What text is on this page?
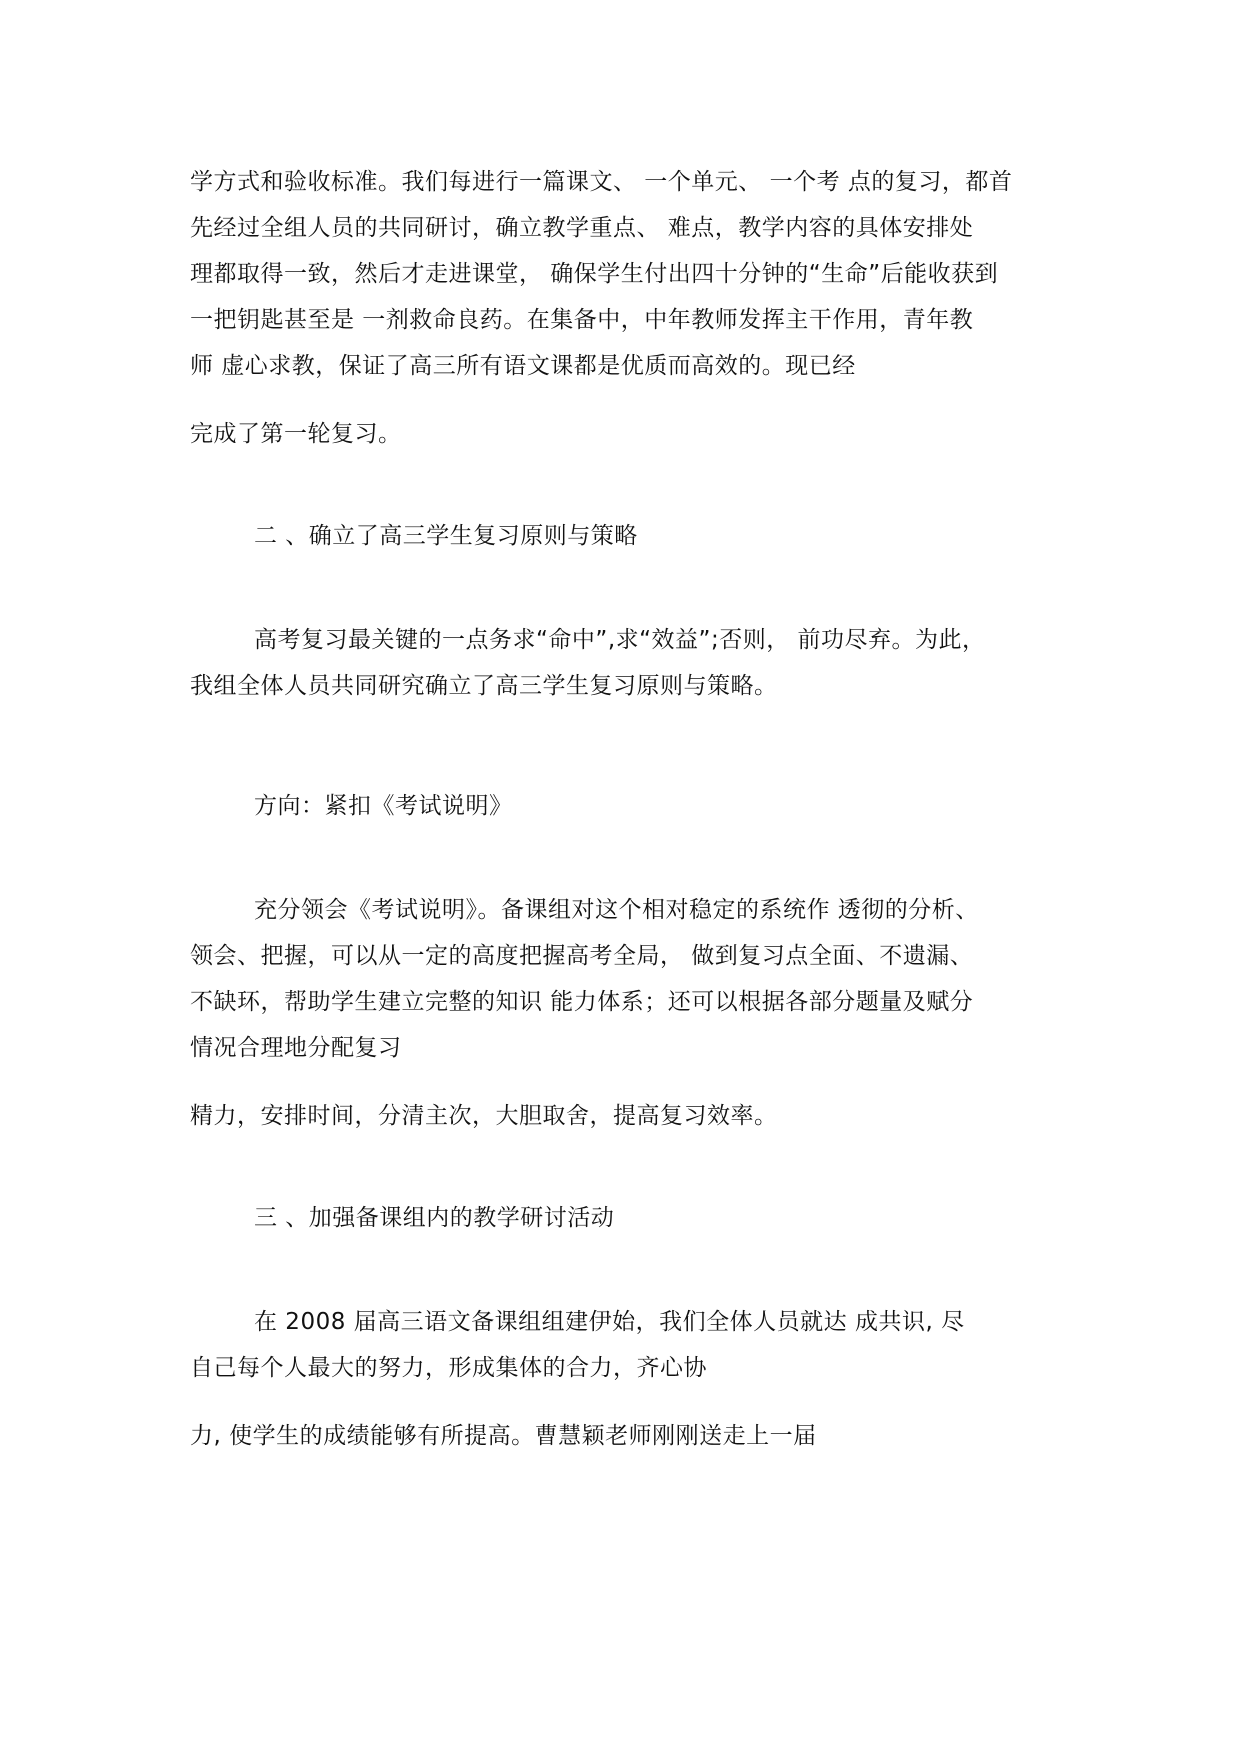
学方式和验收标准。我们每进行一篇课文、 一个单元、 一个考 点的复习，都首
先经过全组人员的共同研讨，确立教学重点、 难点，教学内容的具体安排处
理都取得一致，然后才走进课堂， 确保学生付出四十分钟的“生命”后能收获到
一把钥匙甚至是 一剂救命良药。在集备中，中年教师发挥主干作用，青年教
师 虚心求教，保证了高三所有语文课都是优质而高效的。现已经
完成了第一轮复习。
二 、确立了高三学生复习原则与策略
高考复习最关键的一点务求“命中”,求“效益”;否则， 前功尽弃。为此，
我组全体人员共同研究确立了高三学生复习原则与策略。
方向：紧扣《考试说明》
充分领会《考试说明》。备课组对这个相对稳定的系统作 透彻的分析、
领会、把握，可以从一定的高度把握高考全局， 做到复习点全面、不遗漏、
不缺环，帮助学生建立完整的知识 能力体系；还可以根据各部分题量及赋分
情况合理地分配复习
精力，安排时间，分清主次，大胆取舍，提高复习效率。
三 、加强备课组内的教学研讨活动
在 2008 届高三语文备课组组建伊始，我们全体人员就达 成共识, 尽
自己每个人最大的努力，形成集体的合力，齐心协
力, 使学生的成绩能够有所提高。曹慧颖老师刚刚送走上一届
